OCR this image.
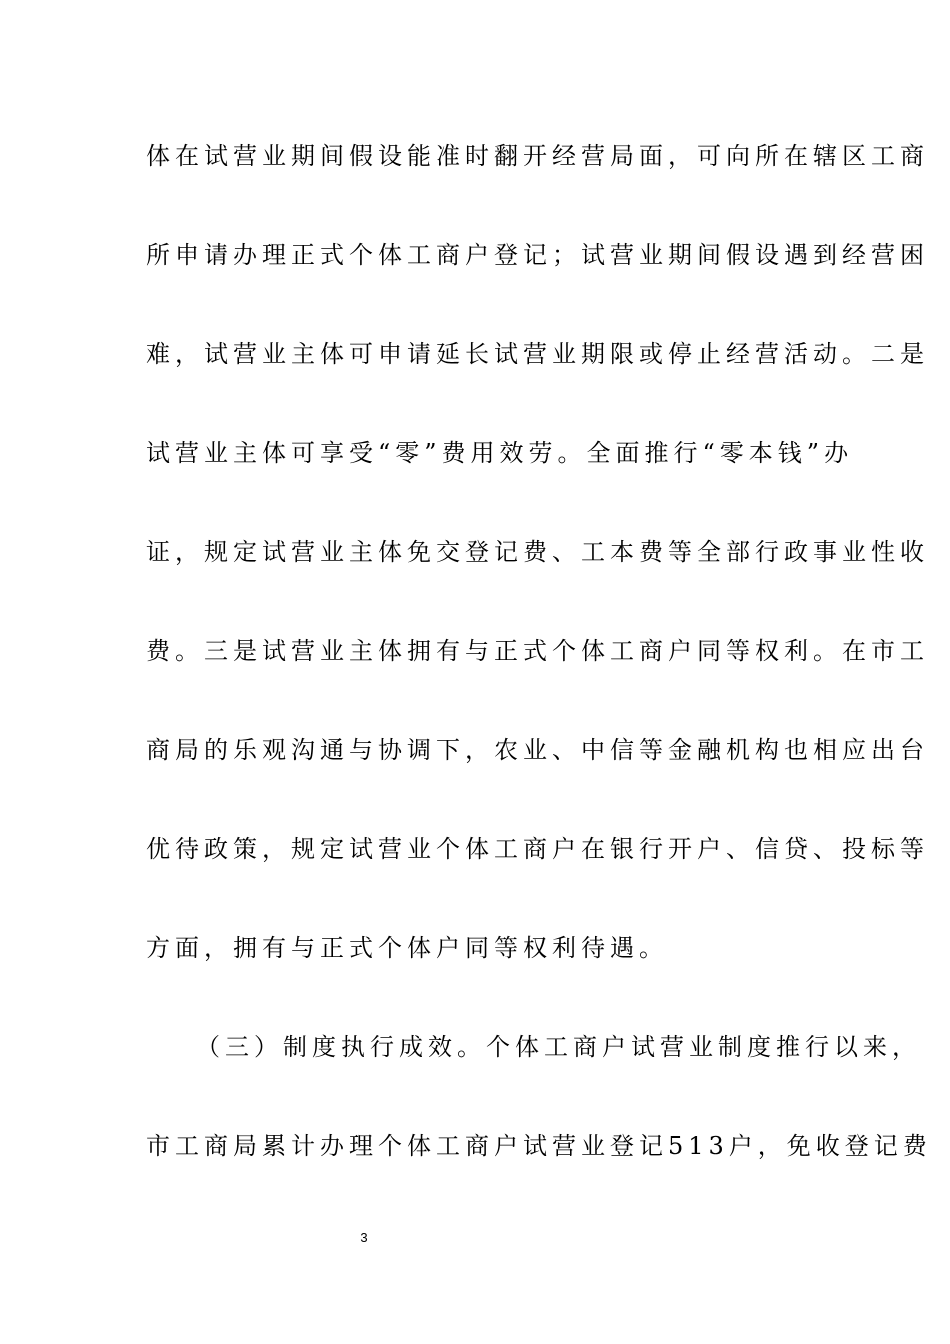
体在试营业期间假设能准时翻开经营局面，可向所在辖区工商
所申请办理正式个体工商户登记；试营业期间假设遇到经营困
难，试营业主体可申请延长试营业期限或停止经营活动。二是
试营业主体可享受“零”费用效劳。全面推行“零本钱”办
证，规定试营业主体免交登记费、工本费等全部行政事业性收
费。三是试营业主体拥有与正式个体工商户同等权利。在市工
商局的乐观沟通与协调下，农业、中信等金融机构也相应出台
优待政策，规定试营业个体工商户在银行开户、信贷、投标等
方面，拥有与正式个体户同等权利待遇。
（三）制度执行成效。个体工商户试营业制度推行以来，
市工商局累计办理个体工商户试营业登记513户，免收登记费
3
